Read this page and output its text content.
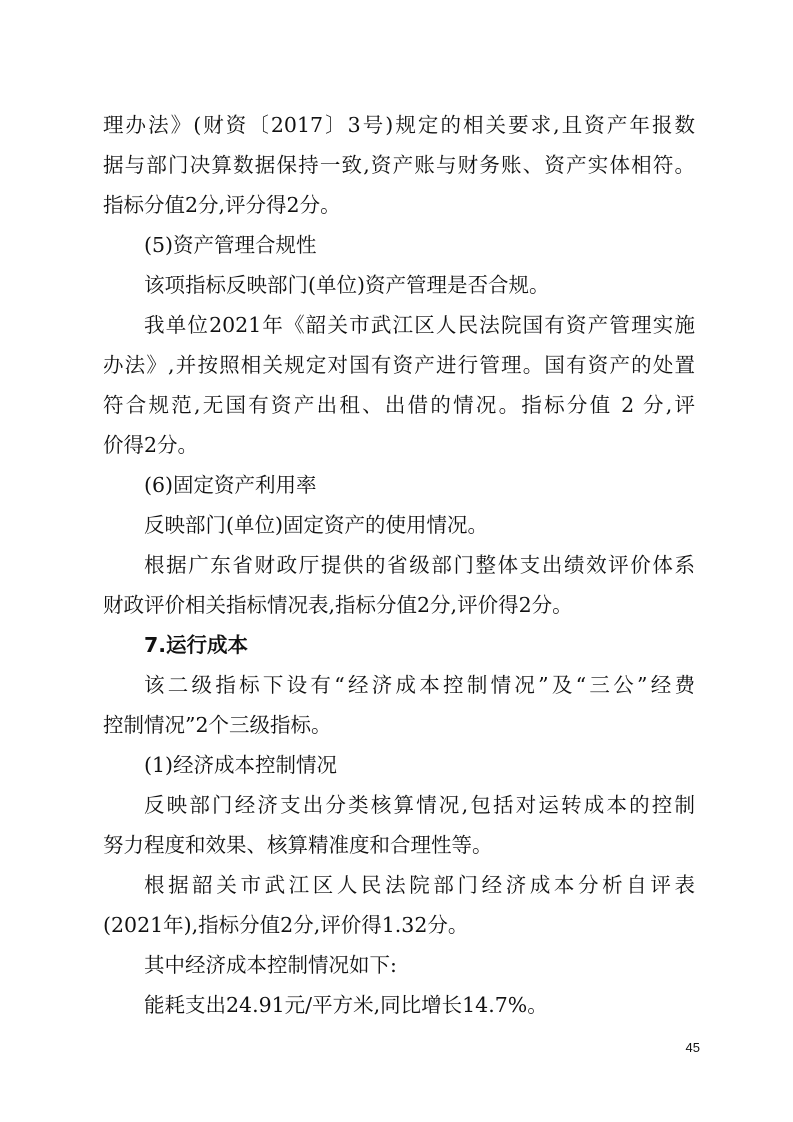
理办法》(财资〔2017〕3号)规定的相关要求,且资产年报数
据与部门决算数据保持一致,资产账与财务账、资产实体相符。
指标分值2分,评分得2分。
(5)资产管理合规性
该项指标反映部门(单位)资产管理是否合规。
我单位2021年《韶关市武江区人民法院国有资产管理实施
办法》,并按照相关规定对国有资产进行管理。国有资产的处置
符合规范,无国有资产出租、出借的情况。指标分值 2 分,评
价得2分。
(6)固定资产利用率
反映部门(单位)固定资产的使用情况。
根据广东省财政厅提供的省级部门整体支出绩效评价体系
财政评价相关指标情况表,指标分值2分,评价得2分。
7.运行成本
该二级指标下设有“经济成本控制情况”及“三公”经费
控制情况”2个三级指标。
(1)经济成本控制情况
反映部门经济支出分类核算情况,包括对运转成本的控制
努力程度和效果、核算精准度和合理性等。
根据韶关市武江区人民法院部门经济成本分析自评表
(2021年),指标分值2分,评价得1.32分。
其中经济成本控制情况如下:
能耗支出24.91元/平方米,同比增长14.7%。
45
